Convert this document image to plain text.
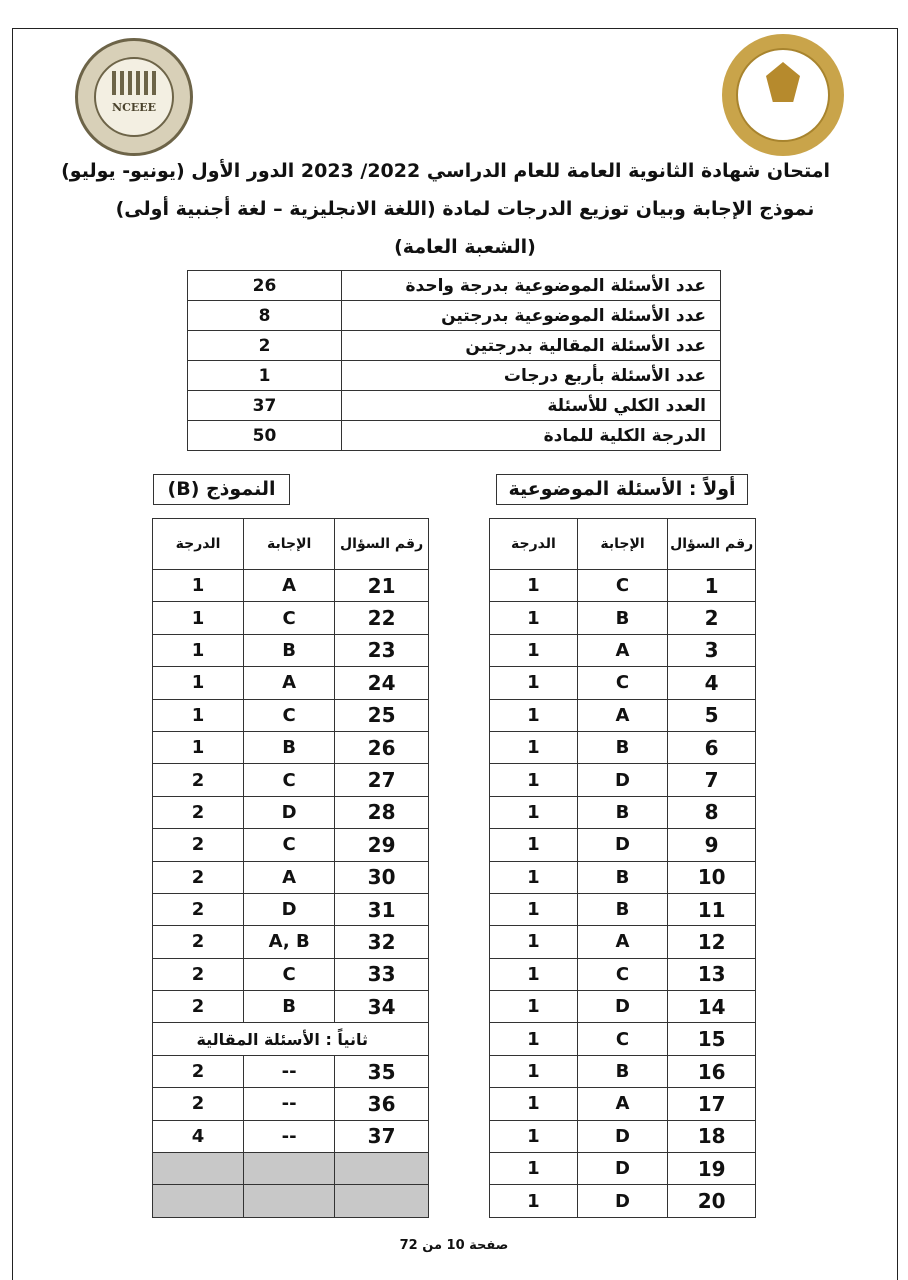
NCEEE
امتحان شهادة الثانوية العامة للعام الدراسي 2022/ 2023 الدور الأول (يونيو- يوليو)
نموذج الإجابة وبيان توزيع الدرجات لمادة (اللغة الانجليزية – لغة أجنبية أولى)
(الشعبة العامة)
عدد الأسئلة الموضوعية بدرجة واحدة	26
عدد الأسئلة الموضوعية بدرجتين	8
عدد الأسئلة المقالية بدرجتين	2
عدد الأسئلة بأربع درجات	1
العدد الكلي للأسئلة	37
الدرجة الكلية للمادة	50
النموذج (B)	أولاً : الأسئلة الموضوعية
رقم السؤال	الإجابة	الدرجة
1	C	1
2	B	1
3	A	1
4	C	1
5	A	1
6	B	1
7	D	1
8	B	1
9	D	1
10	B	1
11	B	1
12	A	1
13	C	1
14	D	1
15	C	1
16	B	1
17	A	1
18	D	1
19	D	1
20	D	1
رقم السؤال	الإجابة	الدرجة
21	A	1
22	C	1
23	B	1
24	A	1
25	C	1
26	B	1
27	C	2
28	D	2
29	C	2
30	A	2
31	D	2
32	A, B	2
33	C	2
34	B	2
ثانياً : الأسئلة المقالية		
35	--	2
36	--	2
37	--	4

صفحة 10 من 72
